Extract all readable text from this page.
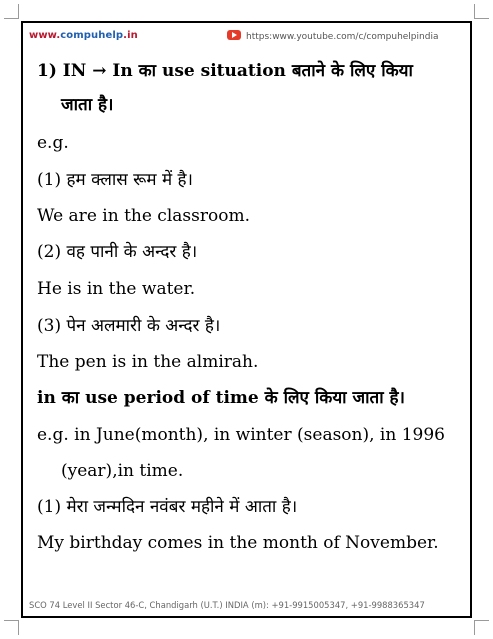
www.compuhelp.in	https:www.youtube.com/c/compuhelpindia
1) IN → In का use situation बताने के लिए किया
जाता है।
e.g.
(1) हम क्लास रूम में है।
We are in the classroom.
(2) वह पानी के अन्दर है।
He is in the water.
(3) पेन अलमारी के अन्दर है।
The pen is in the almirah.
in का use period of time के लिए किया जाता है।
e.g. in June(month), in winter (season), in 1996
(year),in time.
(1) मेरा जन्मदिन नवंबर महीने में आता है।
My birthday comes in the month of November.
SCO 74 Level II Sector 46-C, Chandigarh (U.T.) INDIA (m): +91-9915005347, +91-9988365347
